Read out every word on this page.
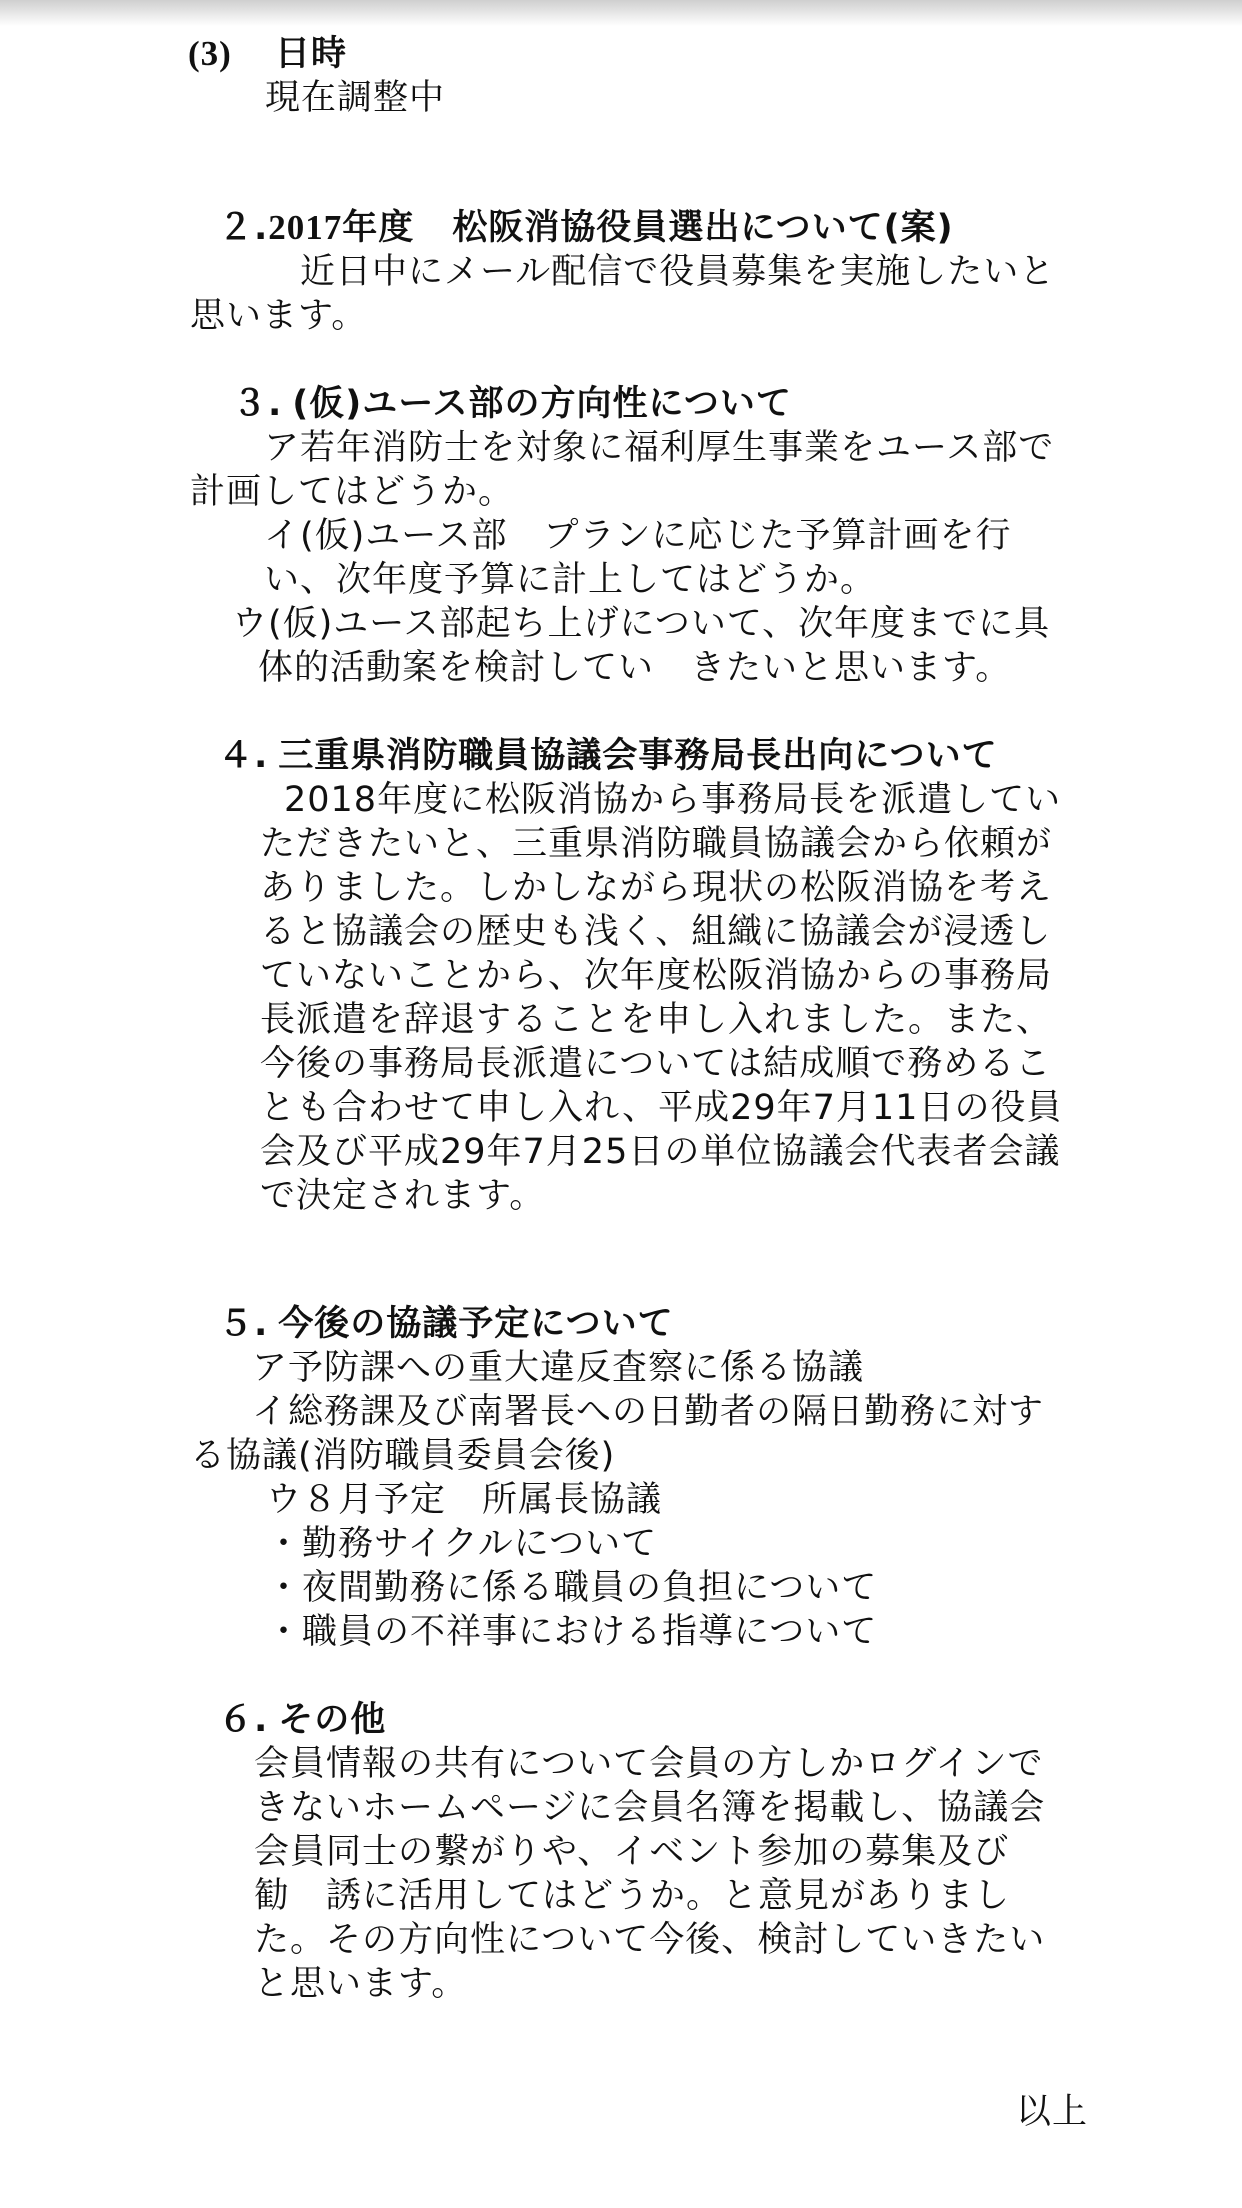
(3) 日時
現在調整中
２.2017年度 松阪消協役員選出について(案)
近日中にメール配信で役員募集を実施したいと
思います。
３. (仮)ユース部の方向性について
ア若年消防士を対象に福利厚生事業をユース部で
計画してはどうか。
イ(仮)ユース部　プランに応じた予算計画を行
い、次年度予算に計上してはどうか。
ウ(仮)ユース部起ち上げについて、次年度までに具
体的活動案を検討してい　きたいと思います。
４. 三重県消防職員協議会事務局長出向について
2018年度に松阪消協から事務局長を派遣してい
ただきたいと、三重県消防職員協議会から依頼が
ありました。しかしながら現状の松阪消協を考え
ると協議会の歴史も浅く、組織に協議会が浸透し
ていないことから、次年度松阪消協からの事務局
長派遣を辞退することを申し入れました。また、
今後の事務局長派遣については結成順で務めるこ
とも合わせて申し入れ、平成29年7月11日の役員
会及び平成29年7月25日の単位協議会代表者会議
で決定されます。
５. 今後の協議予定について
ア予防課への重大違反査察に係る協議
イ総務課及び南署長への日勤者の隔日勤務に対す
る協議(消防職員委員会後)
ウ８月予定　所属長協議
・勤務サイクルについて
・夜間勤務に係る職員の負担について
・職員の不祥事における指導について
６. その他
会員情報の共有について会員の方しかログインで
きないホームページに会員名簿を掲載し、協議会
会員同士の繋がりや、イベント参加の募集及び
勧　誘に活用してはどうか。と意見がありまし
た。その方向性について今後、検討していきたい
と思います。
以上
